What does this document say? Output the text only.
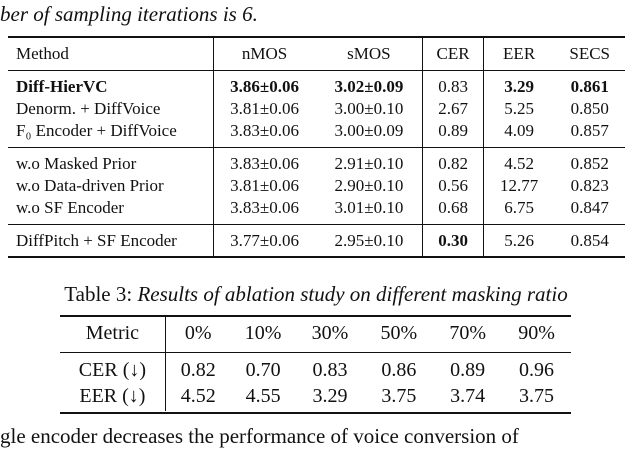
ber of sampling iterations is 6.
Method	nMOS	sMOS	CER	EER	SECS
Diff-HierVC	3.86±0.06	3.02±0.09	0.83	3.29	0.861
Denorm. + DiffVoice	3.81±0.06	3.00±0.10	2.67	5.25	0.850
F₀ Encoder + DiffVoice	3.83±0.06	3.00±0.09	0.89	4.09	0.857
w.o Masked Prior	3.83±0.06	2.91±0.10	0.82	4.52	0.852
w.o Data-driven Prior	3.81±0.06	2.90±0.10	0.56	12.77	0.823
w.o SF Encoder	3.83±0.06	3.01±0.10	0.68	6.75	0.847
DiffPitch + SF Encoder	3.77±0.06	2.95±0.10	0.30	5.26	0.854
Table 3: Results of ablation study on different masking ratio
Metric	0%	10%	30%	50%	70%	90%
CER (↓)	0.82	0.70	0.83	0.86	0.89	0.96
EER (↓)	4.52	4.55	3.29	3.75	3.74	3.75
gle encoder decreases the performance of voice conversion of
